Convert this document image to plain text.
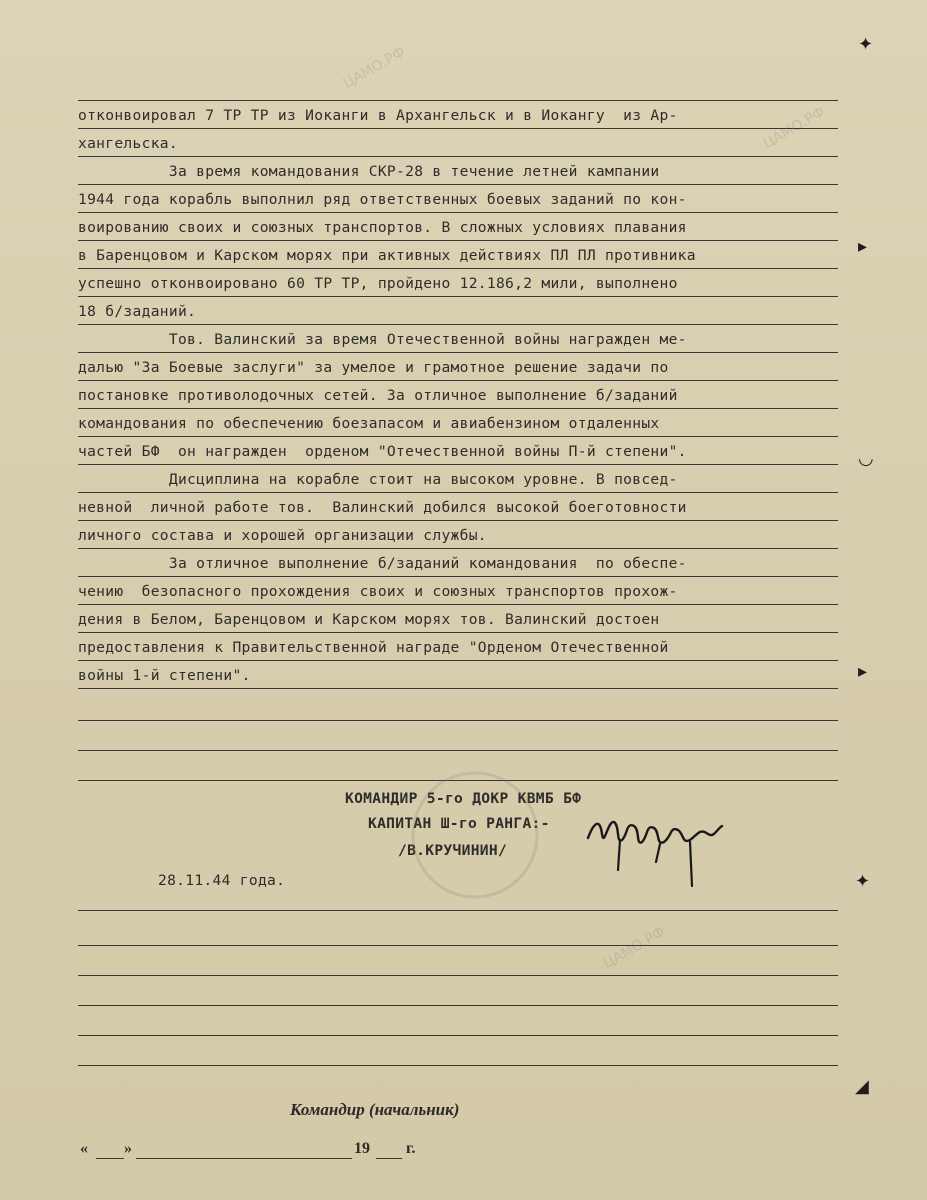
ЦАМО.РФ
ЦАМО.РФ
ЦАМО.РФ
✦
▸
◡
▸
✦
◢
отконвоировал 7 ТР ТР из Иоканги в Архангельск и в Иокангу  из Ар-
хангельска.
За время командования СКР-28 в течение летней кампании
1944 года корабль выполнил ряд ответственных боевых заданий по кон-
воированию своих и союзных транспортов. В сложных условиях плавания
в Баренцовом и Карском морях при активных действиях ПЛ ПЛ противника
успешно отконвоировано 60 ТР ТР, пройдено 12.186,2 мили, выполнено
18 б/заданий.
Тов. Валинский за время Отечественной войны награжден ме-
далью "За Боевые заслуги" за умелое и грамотное решение задачи по
постановке противолодочных сетей. За отличное выполнение б/заданий
командования по обеспечению боезапасом и авиабензином отдаленных
частей БФ  он награжден  орденом "Отечественной войны П-й степени".
Дисциплина на корабле стоит на высоком уровне. В повсед-
невной  личной работе тов.  Валинский добился высокой боеготовности
личного состава и хорошей организации службы.
За отличное выполнение б/заданий командования  по обеспе-
чению  безопасного прохождения своих и союзных транспортов прохож-
дения в Белом, Баренцовом и Карском морях тов. Валинский достоен
предоставления к Правительственной награде "Орденом Отечественной
войны 1-й степени".
КОМАНДИР 5-го ДОКР КВМБ БФ
КАПИТАН Ш-го РАНГА:-
/В.КРУЧИНИН/
28.11.44 года.
Командир (начальник)
« »	19 г.
